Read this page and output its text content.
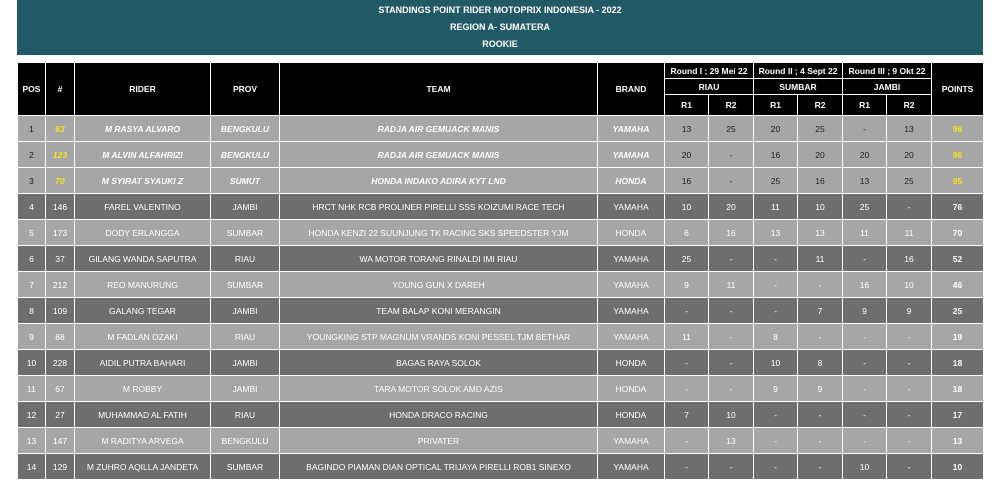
STANDINGS POINT RIDER MOTOPRIX INDONESIA - 2022
REGION A- SUMATERA
ROOKIE
POS	#	RIDER	PROV	TEAM	BRAND	Round I ; 29 Mei 22		Round II ; 4 Sept 22		Round III ; 9 Okt 22		POINTS
						RIAU		SUMBAR		JAMBI		
						R1	R2	R1	R2	R1	R2	
1	63	M RASYA ALVARO	BENGKULU	RADJA AIR GEMUACK MANIS	YAMAHA	13	25	20	25	-	13	96
2	123	M ALVIN ALFAHRIZI	BENGKULU	RADJA AIR GEMUACK MANIS	YAMAHA	20	-	16	20	20	20	96
3	70	M SYIRAT SYAUKI Z	SUMUT	HONDA INDAKO ADIRA KYT LND	HONDA	16	-	25	16	13	25	95
4	146	FAREL VALENTINO	JAMBI	HRCT NHK RCB PROLINER PIRELLI SSS KOIZUMI RACE TECH	YAMAHA	10	20	11	10	25	-	76
5	173	DODY ERLANGGA	SUMBAR	HONDA KENZI 22 SUUNJUNG TK RACING SKS SPEEDSTER YJM	HONDA	6	16	13	13	11	11	70
6	37	GILANG WANDA SAPUTRA	RIAU	WA MOTOR TORANG RINALDI IMI RIAU	YAMAHA	25	-	-	11	-	16	52
7	212	REO MANURUNG	SUMBAR	YOUNG GUN X DAREH	YAMAHA	9	11	-	-	16	10	46
8	109	GALANG TEGAR	JAMBI	TEAM BALAP KONI MERANGIN	YAMAHA	-	-	-	7	9	9	25
9	88	M FADLAN OZAKI	RIAU	YOUNGKING STP MAGNUM VRANDS KONI PESSEL TJM BETHAR	YAMAHA	11	-	8	-	-	-	19
10	228	AIDIL PUTRA BAHARI	JAMBI	BAGAS RAYA SOLOK	HONDA	-	-	10	8	-	-	18
11	67	M ROBBY	JAMBI	TARA MOTOR SOLOK AMD AZIS	HONDA	-	-	9	9	-	-	18
12	27	MUHAMMAD AL FATIH	RIAU	HONDA DRACO RACING	HONDA	7	10	-	-	-	-	17
13	147	M RADITYA ARVEGA	BENGKULU	PRIVATER	YAMAHA	-	13	-	-	-	-	13
14	129	M ZUHRO AQILLA JANDETA	SUMBAR	BAGINDO PIAMAN DIAN OPTICAL TRIJAYA PIRELLI ROB1 SINEXO	YAMAHA	-	-	-	-	10	-	10
